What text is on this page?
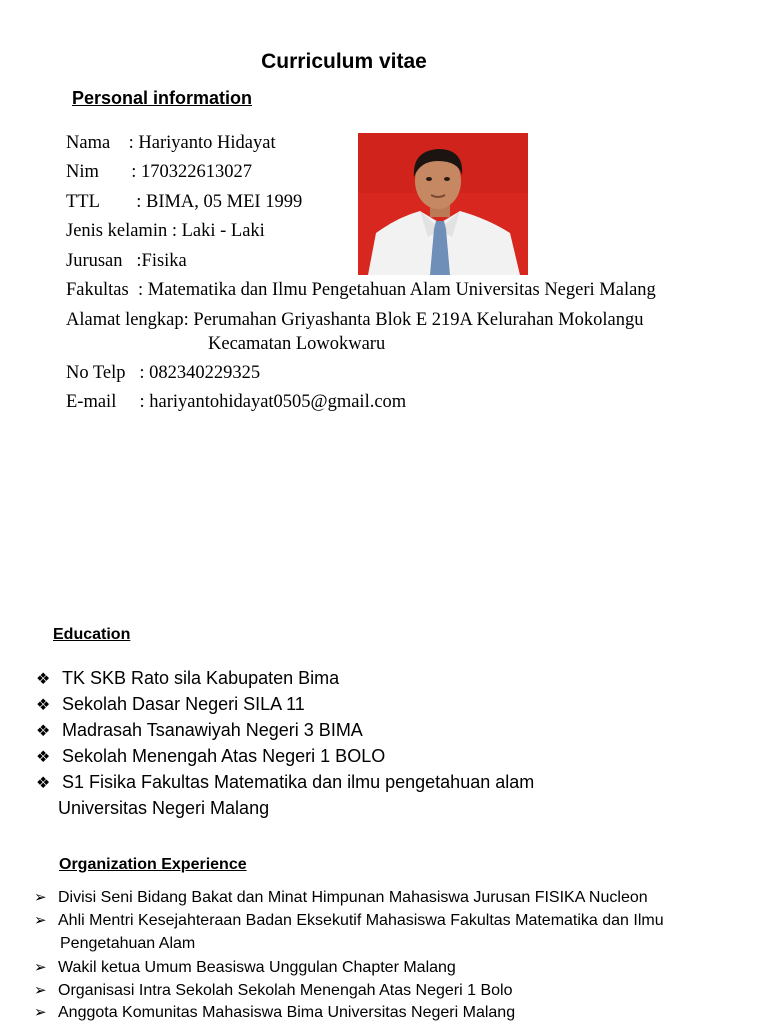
Curriculum vitae
Personal information
Nama    : Hariyanto Hidayat
Nim       : 170322613027
TTL        : BIMA, 05 MEI 1999
Jenis kelamin : Laki - Laki
Jurusan   :Fisika
Fakultas  : Matematika dan Ilmu Pengetahuan Alam Universitas Negeri Malang
Alamat lengkap: Perumahan Griyashanta Blok E 219A Kelurahan Mokolangu
Kecamatan Lowokwaru
No Telp   : 082340229325
E-mail     : hariyantohidayat0505@gmail.com
Education
❖ TK SKB Rato sila Kabupaten Bima
❖ Sekolah Dasar Negeri SILA 11
❖ Madrasah Tsanawiyah Negeri 3 BIMA
❖ Sekolah Menengah Atas Negeri 1 BOLO
❖ S1 Fisika Fakultas Matematika dan ilmu pengetahuan alam
Universitas Negeri Malang
Organization Experience
➢ Divisi Seni Bidang Bakat dan Minat Himpunan Mahasiswa Jurusan FISIKA Nucleon
➢ Ahli Mentri Kesejahteraan Badan Eksekutif Mahasiswa Fakultas Matematika dan Ilmu
Pengetahuan Alam
➢ Wakil ketua Umum Beasiswa Unggulan Chapter Malang
➢ Organisasi Intra Sekolah Sekolah Menengah Atas Negeri 1 Bolo
➢ Anggota Komunitas Mahasiswa Bima Universitas Negeri Malang
